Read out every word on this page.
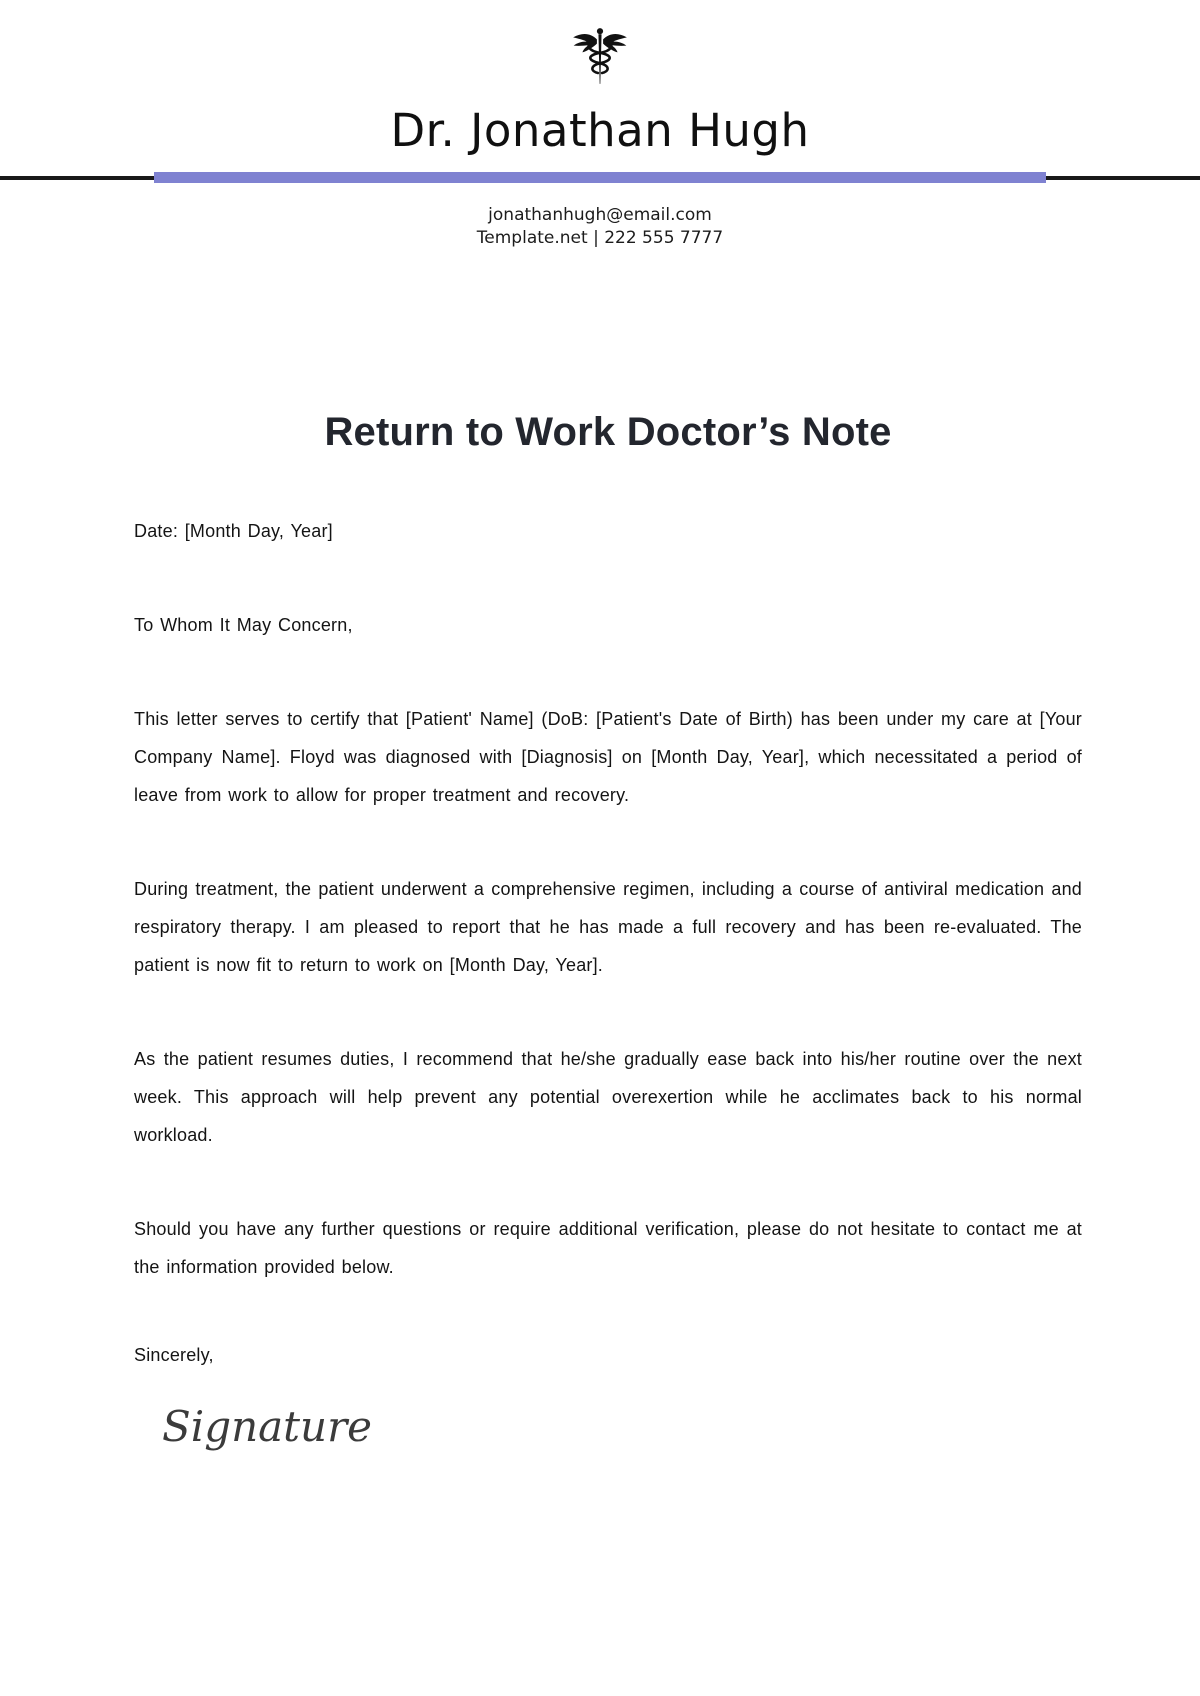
Dr. Jonathan Hugh
jonathanhugh@email.com
Template.net | 222 555 7777
Return to Work Doctor’s Note

Date: [Month Day, Year]

To Whom It May Concern,

This letter serves to certify that [Patient' Name] (DoB: [Patient's Date of Birth) has been under my care at [Your Company Name]. Floyd was diagnosed with [Diagnosis] on [Month Day, Year], which necessitated a period of leave from work to allow for proper treatment and recovery.

During treatment, the patient underwent a comprehensive regimen, including a course of antiviral medication and respiratory therapy. I am pleased to report that he has made a full recovery and has been re-evaluated. The patient is now fit to return to work on [Month Day, Year].

As the patient resumes duties, I recommend that he/she gradually ease back into his/her routine over the next week. This approach will help prevent any potential overexertion while he acclimates back to his normal workload.

Should you have any further questions or require additional verification, please do not hesitate to contact me at the information provided below.

Sincerely,

Signature
